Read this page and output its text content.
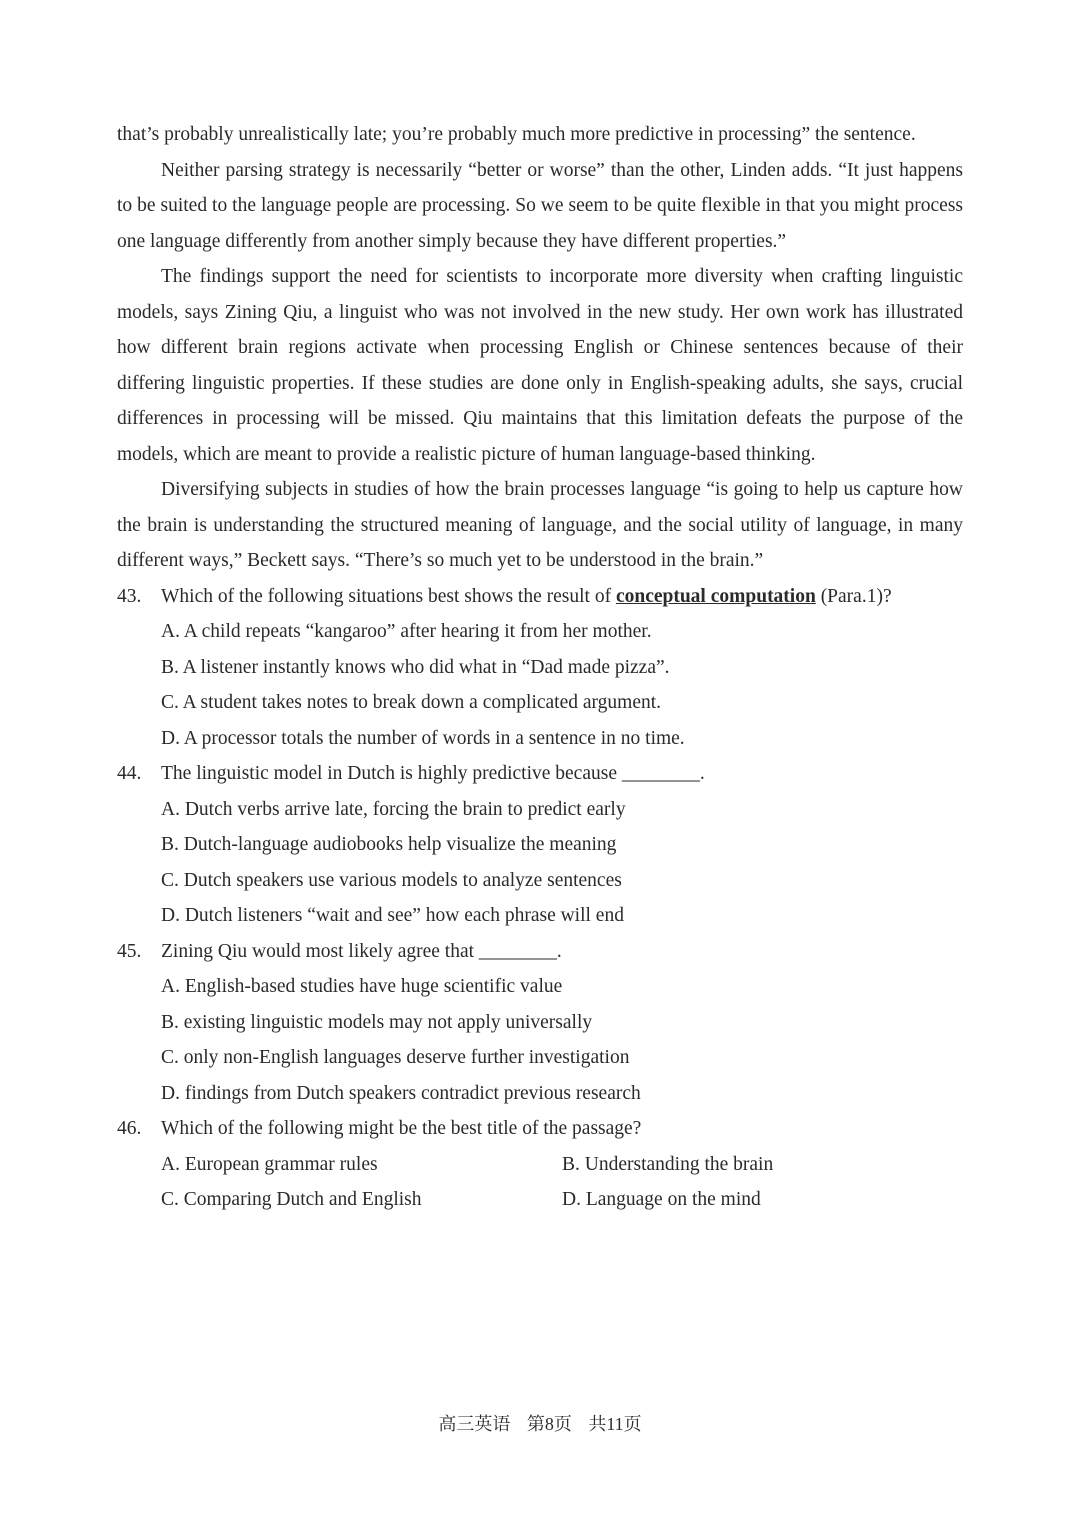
that’s probably unrealistically late; you’re probably much more predictive in processing” the sentence.

Neither parsing strategy is necessarily “better or worse” than the other, Linden adds. “It just happens to be suited to the language people are processing. So we seem to be quite flexible in that you might process one language differently from another simply because they have different properties.”

The findings support the need for scientists to incorporate more diversity when crafting linguistic models, says Zining Qiu, a linguist who was not involved in the new study. Her own work has illustrated how different brain regions activate when processing English or Chinese sentences because of their differing linguistic properties. If these studies are done only in English-speaking adults, she says, crucial differences in processing will be missed. Qiu maintains that this limitation defeats the purpose of the models, which are meant to provide a realistic picture of human language-based thinking.

Diversifying subjects in studies of how the brain processes language “is going to help us capture how the brain is understanding the structured meaning of language, and the social utility of language, in many different ways,” Beckett says. “There’s so much yet to be understood in the brain.”

43.	Which of the following situations best shows the result of conceptual computation (Para.1)?

A. A child repeats “kangaroo” after hearing it from her mother.

B. A listener instantly knows who did what in “Dad made pizza”.

C. A student takes notes to break down a complicated argument.

D. A processor totals the number of words in a sentence in no time.

44.	The linguistic model in Dutch is highly predictive because ________.

A. Dutch verbs arrive late, forcing the brain to predict early

B. Dutch-language audiobooks help visualize the meaning

C. Dutch speakers use various models to analyze sentences

D. Dutch listeners “wait and see” how each phrase will end

45.	Zining Qiu would most likely agree that ________.

A. English-based studies have huge scientific value

B. existing linguistic models may not apply universally

C. only non-English languages deserve further investigation

D. findings from Dutch speakers contradict previous research

46.	Which of the following might be the best title of the passage?
A. European grammar rules	B. Understanding the brain
C. Comparing Dutch and English	D. Language on the mind
高三英语 第8页 共11页
